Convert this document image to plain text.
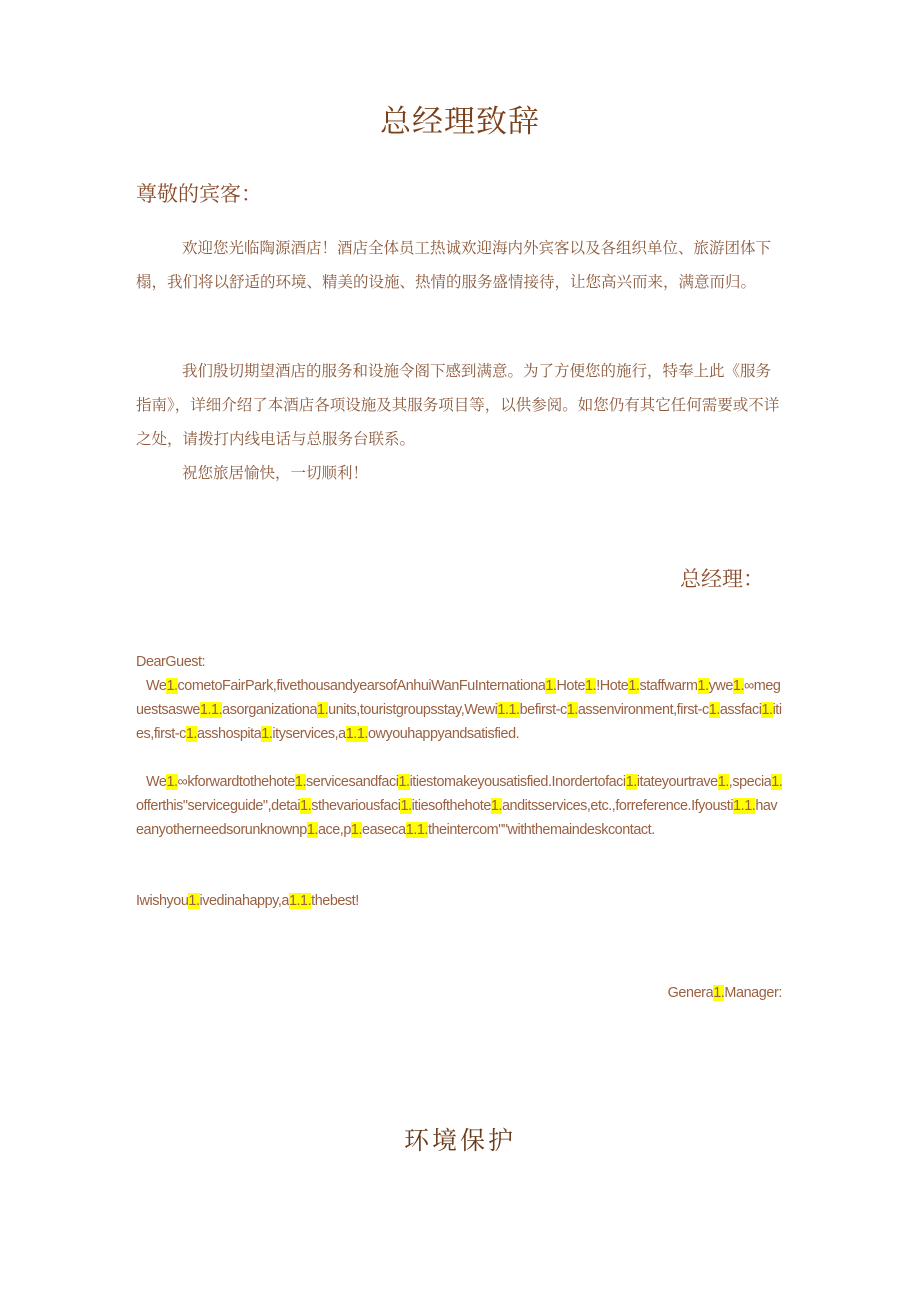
总经理致辞
尊敬的宾客：

欢迎您光临陶源酒店！酒店全体员工热诚欢迎海内外宾客以及各组织单位、旅游团体下榻，我们将以舒适的环境、精美的设施、热情的服务盛情接待，让您高兴而来，满意而归。

我们殷切期望酒店的服务和设施令阁下感到满意。为了方便您的施行，特奉上此《服务指南》，详细介绍了本酒店各项设施及其服务项目等，以供参阅。如您仍有其它任何需要或不详之处，请拨打内线电话与总服务台联系。

祝您旅居愉快，一切顺利！

总经理：
DearGuest:
We1.cometoFairPark,fivethousandyearsofAnhuiWanFuInternationa1.Hote1.!Hote1.staffwarm1.ywe1.∞meguestsaswe1.1.asorganizationa1.units,touristgroupsstay,Wewi1.1.befirst-c1.assenvironment,first-c1.assfaci1.ities,first-c1.asshospita1.ityservices,a1.1.owyouhappyandsatisfied.
We1.∞kforwardtothehote1.servicesandfaci1.itiestomakeyousatisfied.Inordertofaci1.itateyourtrave1.,specia1.offerthis"serviceguide",detai1.sthevariousfaci1.itiesofthehote1.anditsservices,etc.,forreference.Ifyousti1.1.haveanyotherneedsorunknownp1.ace,p1.easeca1.1.theintercom""withthemaindeskcontact.
Iwishyou1.ivedinahappy,a1.1.thebest!
Genera1.Manager:
环境保护
